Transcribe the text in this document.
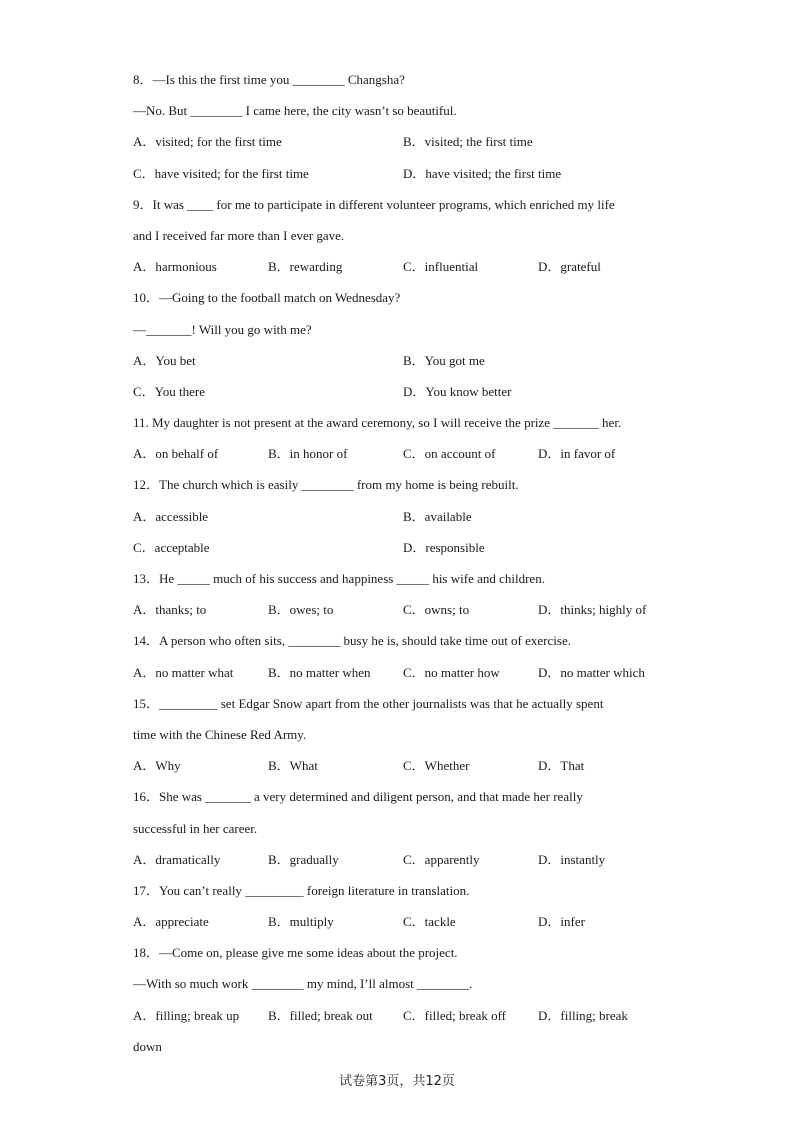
8．—Is this the first time you ________ Changsha?
—No. But ________ I came here, the city wasn’t so beautiful.
A．visited; for the first time	B．visited; the first time
C．have visited; for the first time	D．have visited; the first time
9．It was ____ for me to participate in different volunteer programs, which enriched my life
and I received far more than I ever gave.
A．harmonious	B．rewarding	C．influential	D．grateful
10．—Going to the football match on Wednesday?
—_______! Will you go with me?
A．You bet	B．You got me
C．You there	D．You know better
11. My daughter is not present at the award ceremony, so I will receive the prize _______ her.
A．on behalf of	B．in honor of	C．on account of	D．in favor of
12．The church which is easily ________ from my home is being rebuilt.
A．accessible	B．available
C．acceptable	D．responsible
13．He _____ much of his success and happiness _____ his wife and children.
A．thanks; to	B．owes; to	C．owns; to	D．thinks; highly of
14．A person who often sits, ________ busy he is, should take time out of exercise.
A．no matter what	B．no matter when	C．no matter how	D．no matter which
15．_________ set Edgar Snow apart from the other journalists was that he actually spent
time with the Chinese Red Army.
A．Why	B．What	C．Whether	D．That
16．She was _______ a very determined and diligent person, and that made her really
successful in her career.
A．dramatically	B．gradually	C．apparently	D．instantly
17．You can’t really _________ foreign literature in translation.
A．appreciate	B．multiply	C．tackle	D．infer
18．—Come on, please give me some ideas about the project.
—With so much work ________ my mind, I’ll almost ________.
A．filling; break up	B．filled; break out	C．filled; break off	D．filling; break
down
试卷第3页，共12页
